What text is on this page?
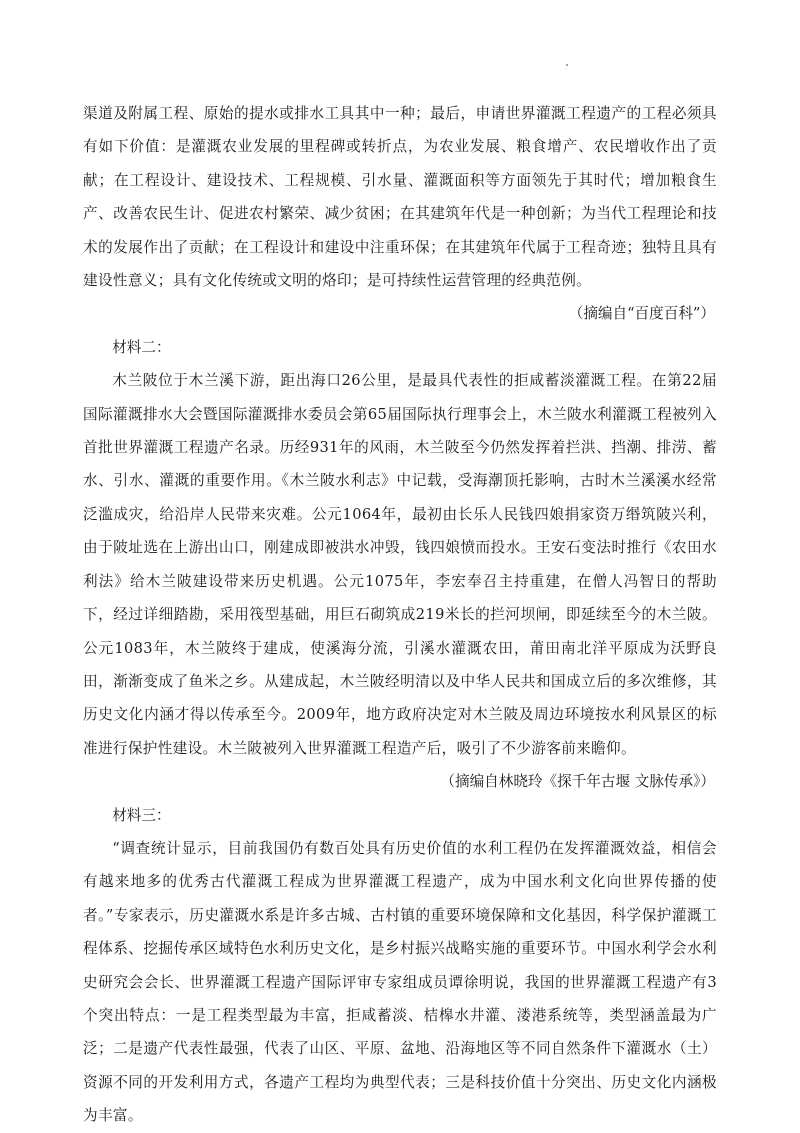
渠道及附属工程、原始的提水或排水工具其中一种；最后，申请世界灌溉工程遗产的工程必须具有如下价值：是灌溉农业发展的里程碑或转折点，为农业发展、粮食增产、农民增收作出了贡献；在工程设计、建设技术、工程规模、引水量、灌溉面积等方面领先于其时代；增加粮食生产、改善农民生计、促进农村繁荣、减少贫困；在其建筑年代是一种创新；为当代工程理论和技术的发展作出了贡献；在工程设计和建设中注重环保；在其建筑年代属于工程奇迹；独特且具有建设性意义；具有文化传统或文明的烙印；是可持续性运营管理的经典范例。

（摘编自“百度百科”）

材料二：

木兰陂位于木兰溪下游，距出海口26公里，是最具代表性的拒咸蓄淡灌溉工程。在第22届国际灌溉排水大会暨国际灌溉排水委员会第65届国际执行理事会上，木兰陂水利灌溉工程被列入首批世界灌溉工程遗产名录。历经931年的风雨，木兰陂至今仍然发挥着拦洪、挡潮、排涝、蓄水、引水、灌溉的重要作用。《木兰陂水利志》中记载，受海潮顶托影响，古时木兰溪溪水经常泛滥成灾，给沿岸人民带来灾难。公元1064年，最初由长乐人民钱四娘捐家资万缗筑陂兴利，由于陂址选在上游出山口，刚建成即被洪水冲毁，钱四娘愤而投水。王安石变法时推行《农田水利法》给木兰陂建设带来历史机遇。公元1075年，李宏奉召主持重建，在僧人冯智日的帮助下，经过详细踏勘，采用筏型基础，用巨石砌筑成219米长的拦河坝闸，即延续至今的木兰陂。公元1083年，木兰陂终于建成，使溪海分流，引溪水灌溉农田，莆田南北洋平原成为沃野良田，渐渐变成了鱼米之乡。从建成起，木兰陂经明清以及中华人民共和国成立后的多次维修，其历史文化内涵才得以传承至今。2009年，地方政府决定对木兰陂及周边环境按水利风景区的标准进行保护性建设。木兰陂被列入世界灌溉工程造产后，吸引了不少游客前来瞻仰。

（摘编自林晓玲《探千年古堰 文脉传承》）

材料三：

“调查统计显示，目前我国仍有数百处具有历史价值的水利工程仍在发挥灌溉效益，相信会有越来地多的优秀古代灌溉工程成为世界灌溉工程遗产，成为中国水利文化向世界传播的使者。”专家表示，历史灌溉水系是许多古城、古村镇的重要环境保障和文化基因，科学保护灌溉工程体系、挖掘传承区域特色水利历史文化，是乡村振兴战略实施的重要环节。中国水利学会水利史研究会会长、世界灌溉工程遗产国际评审专家组成员谭徐明说，我国的世界灌溉工程遗产有3个突出特点：一是工程类型最为丰富，拒咸蓄淡、桔槔水井灌、溇港系统等，类型涵盖最为广泛；二是遗产代表性最强，代表了山区、平原、盆地、沿海地区等不同自然条件下灌溉水（土）资源不同的开发利用方式，各遗产工程均为典型代表；三是科技价值十分突出、历史文化内涵极为丰富。
